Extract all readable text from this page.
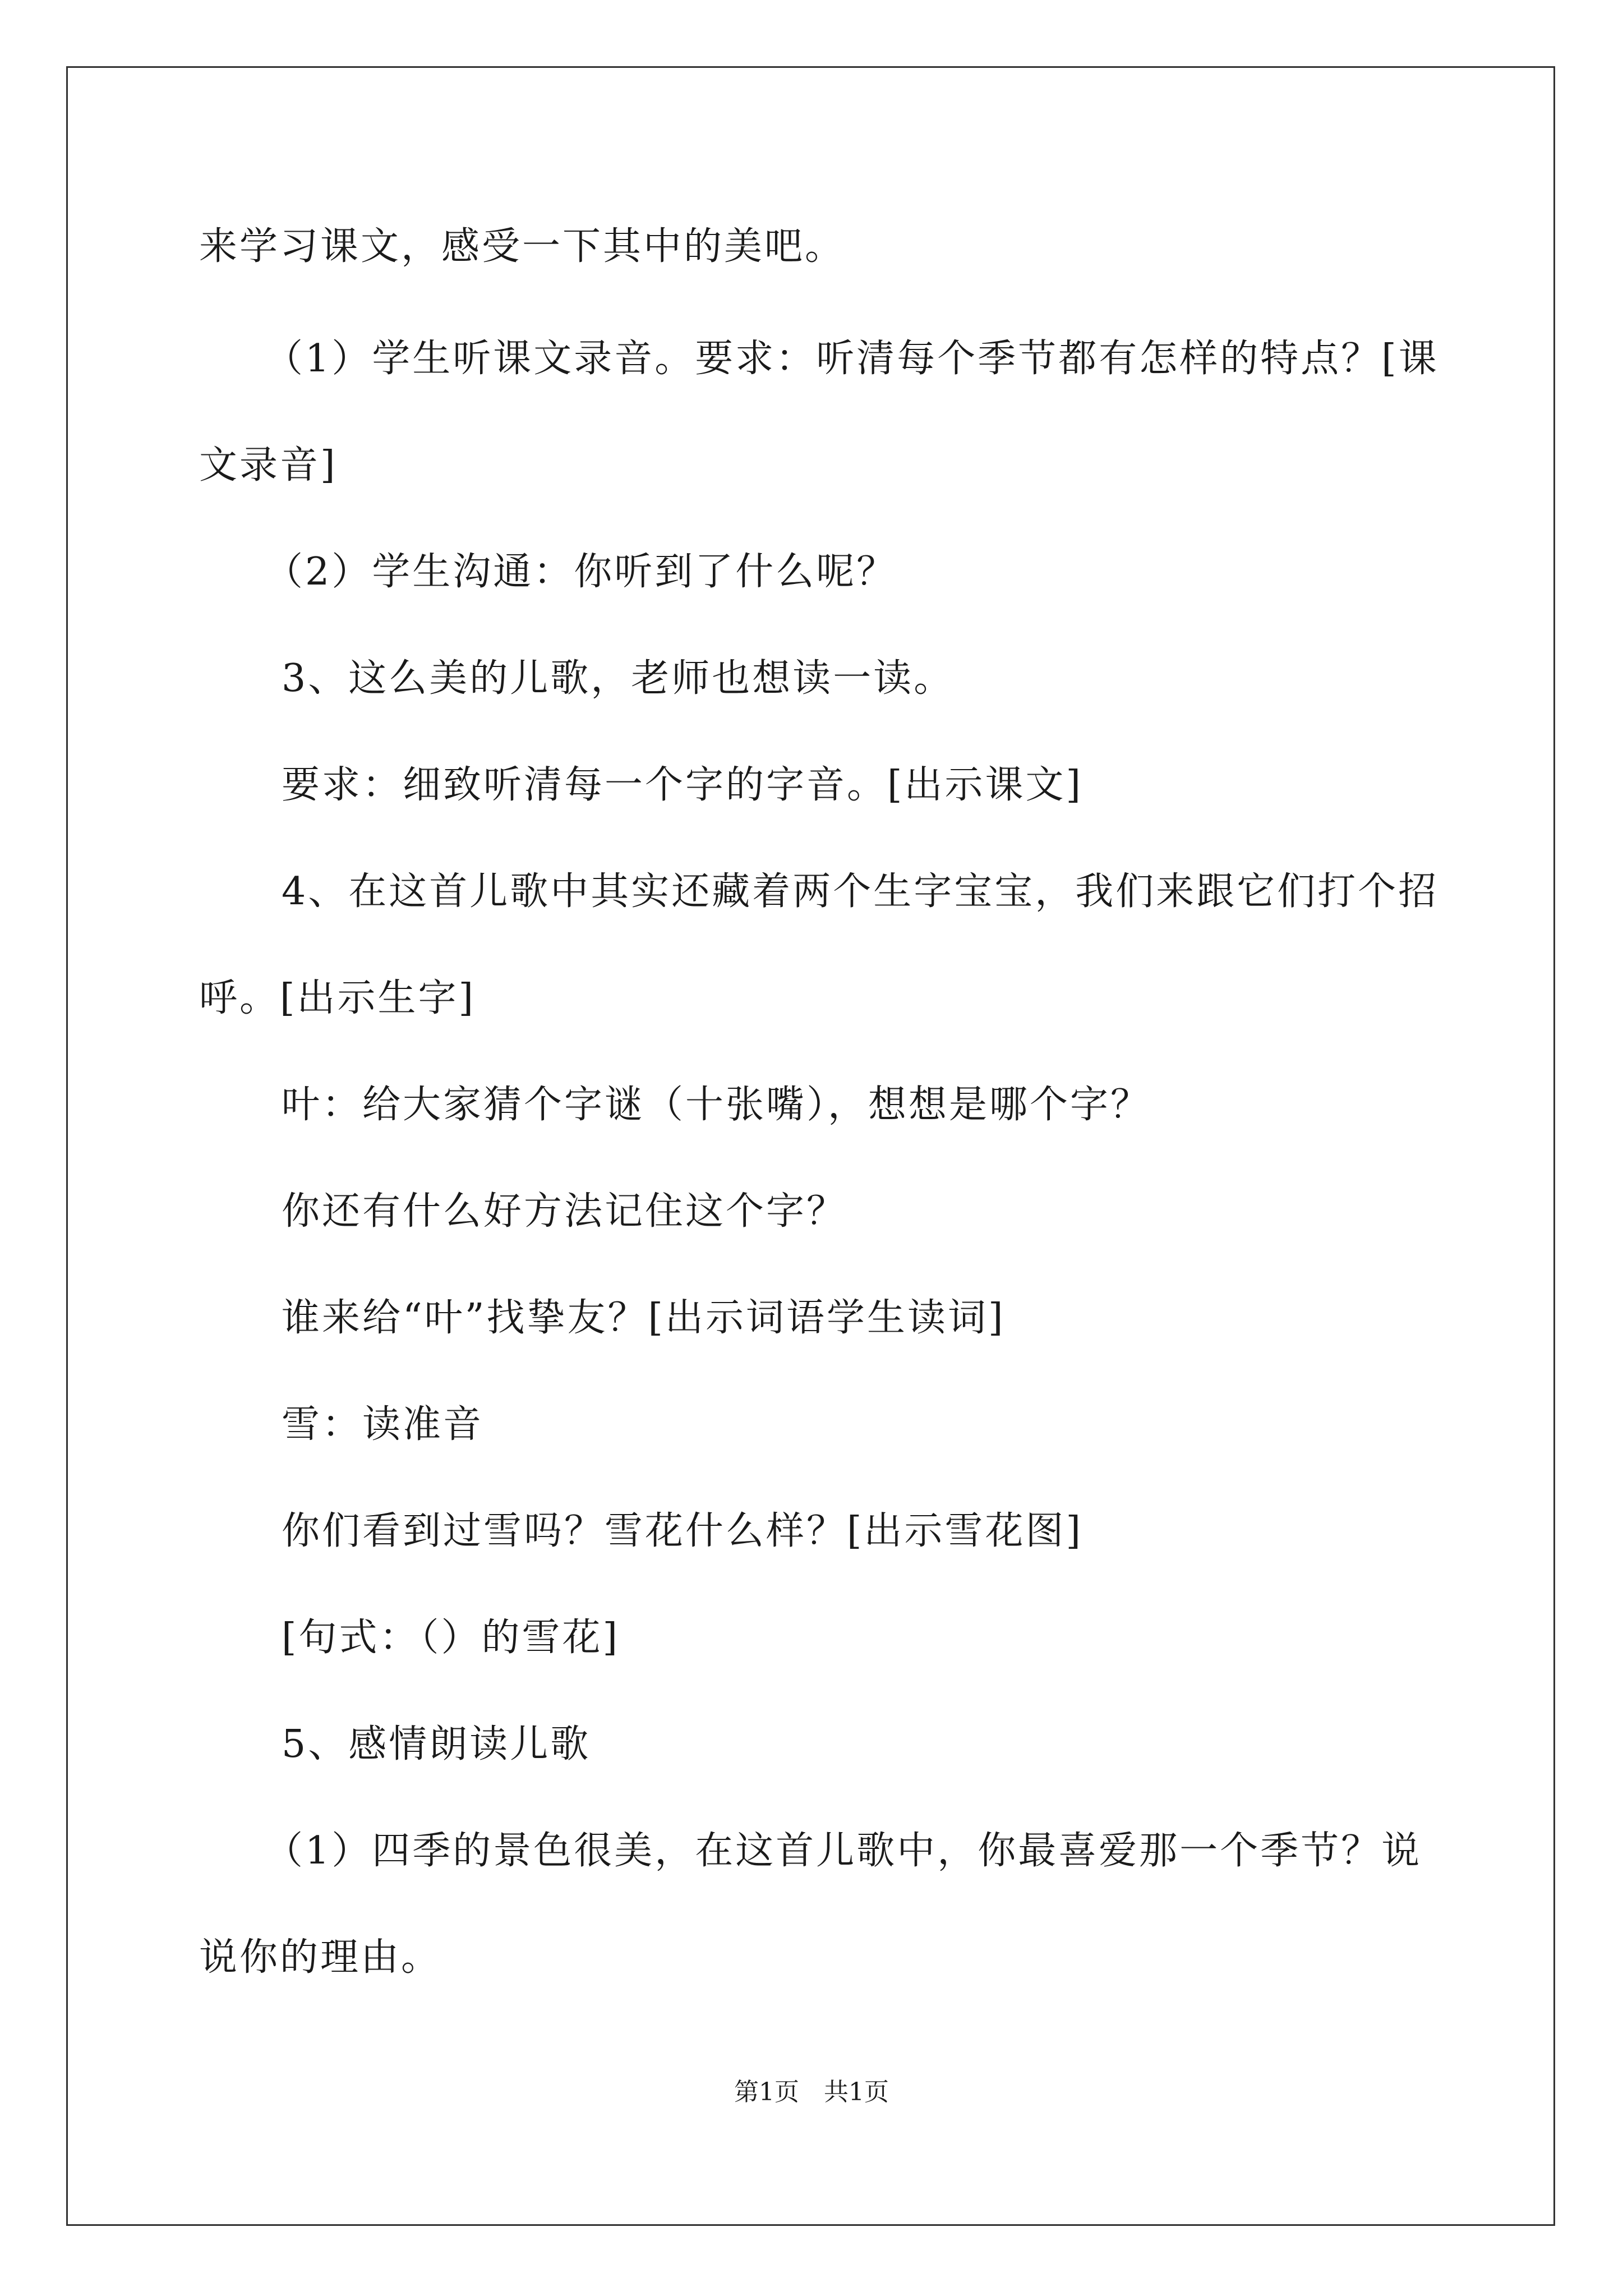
来学习课文，感受一下其中的美吧。
（1）学生听课文录音。要求：听清每个季节都有怎样的特点？[课
文录音]
（2）学生沟通：你听到了什么呢？
3、这么美的儿歌，老师也想读一读。
要求：细致听清每一个字的字音。[出示课文]
4、在这首儿歌中其实还藏着两个生字宝宝，我们来跟它们打个招
呼。[出示生字]
叶：给大家猜个字谜（十张嘴），想想是哪个字？
你还有什么好方法记住这个字？
谁来给“叶”找挚友？[出示词语学生读词]
雪：读准音
你们看到过雪吗？雪花什么样？[出示雪花图]
[句式：（）的雪花]
5、感情朗读儿歌
（1）四季的景色很美，在这首儿歌中，你最喜爱那一个季节？说
说你的理由。
第1页　共1页
